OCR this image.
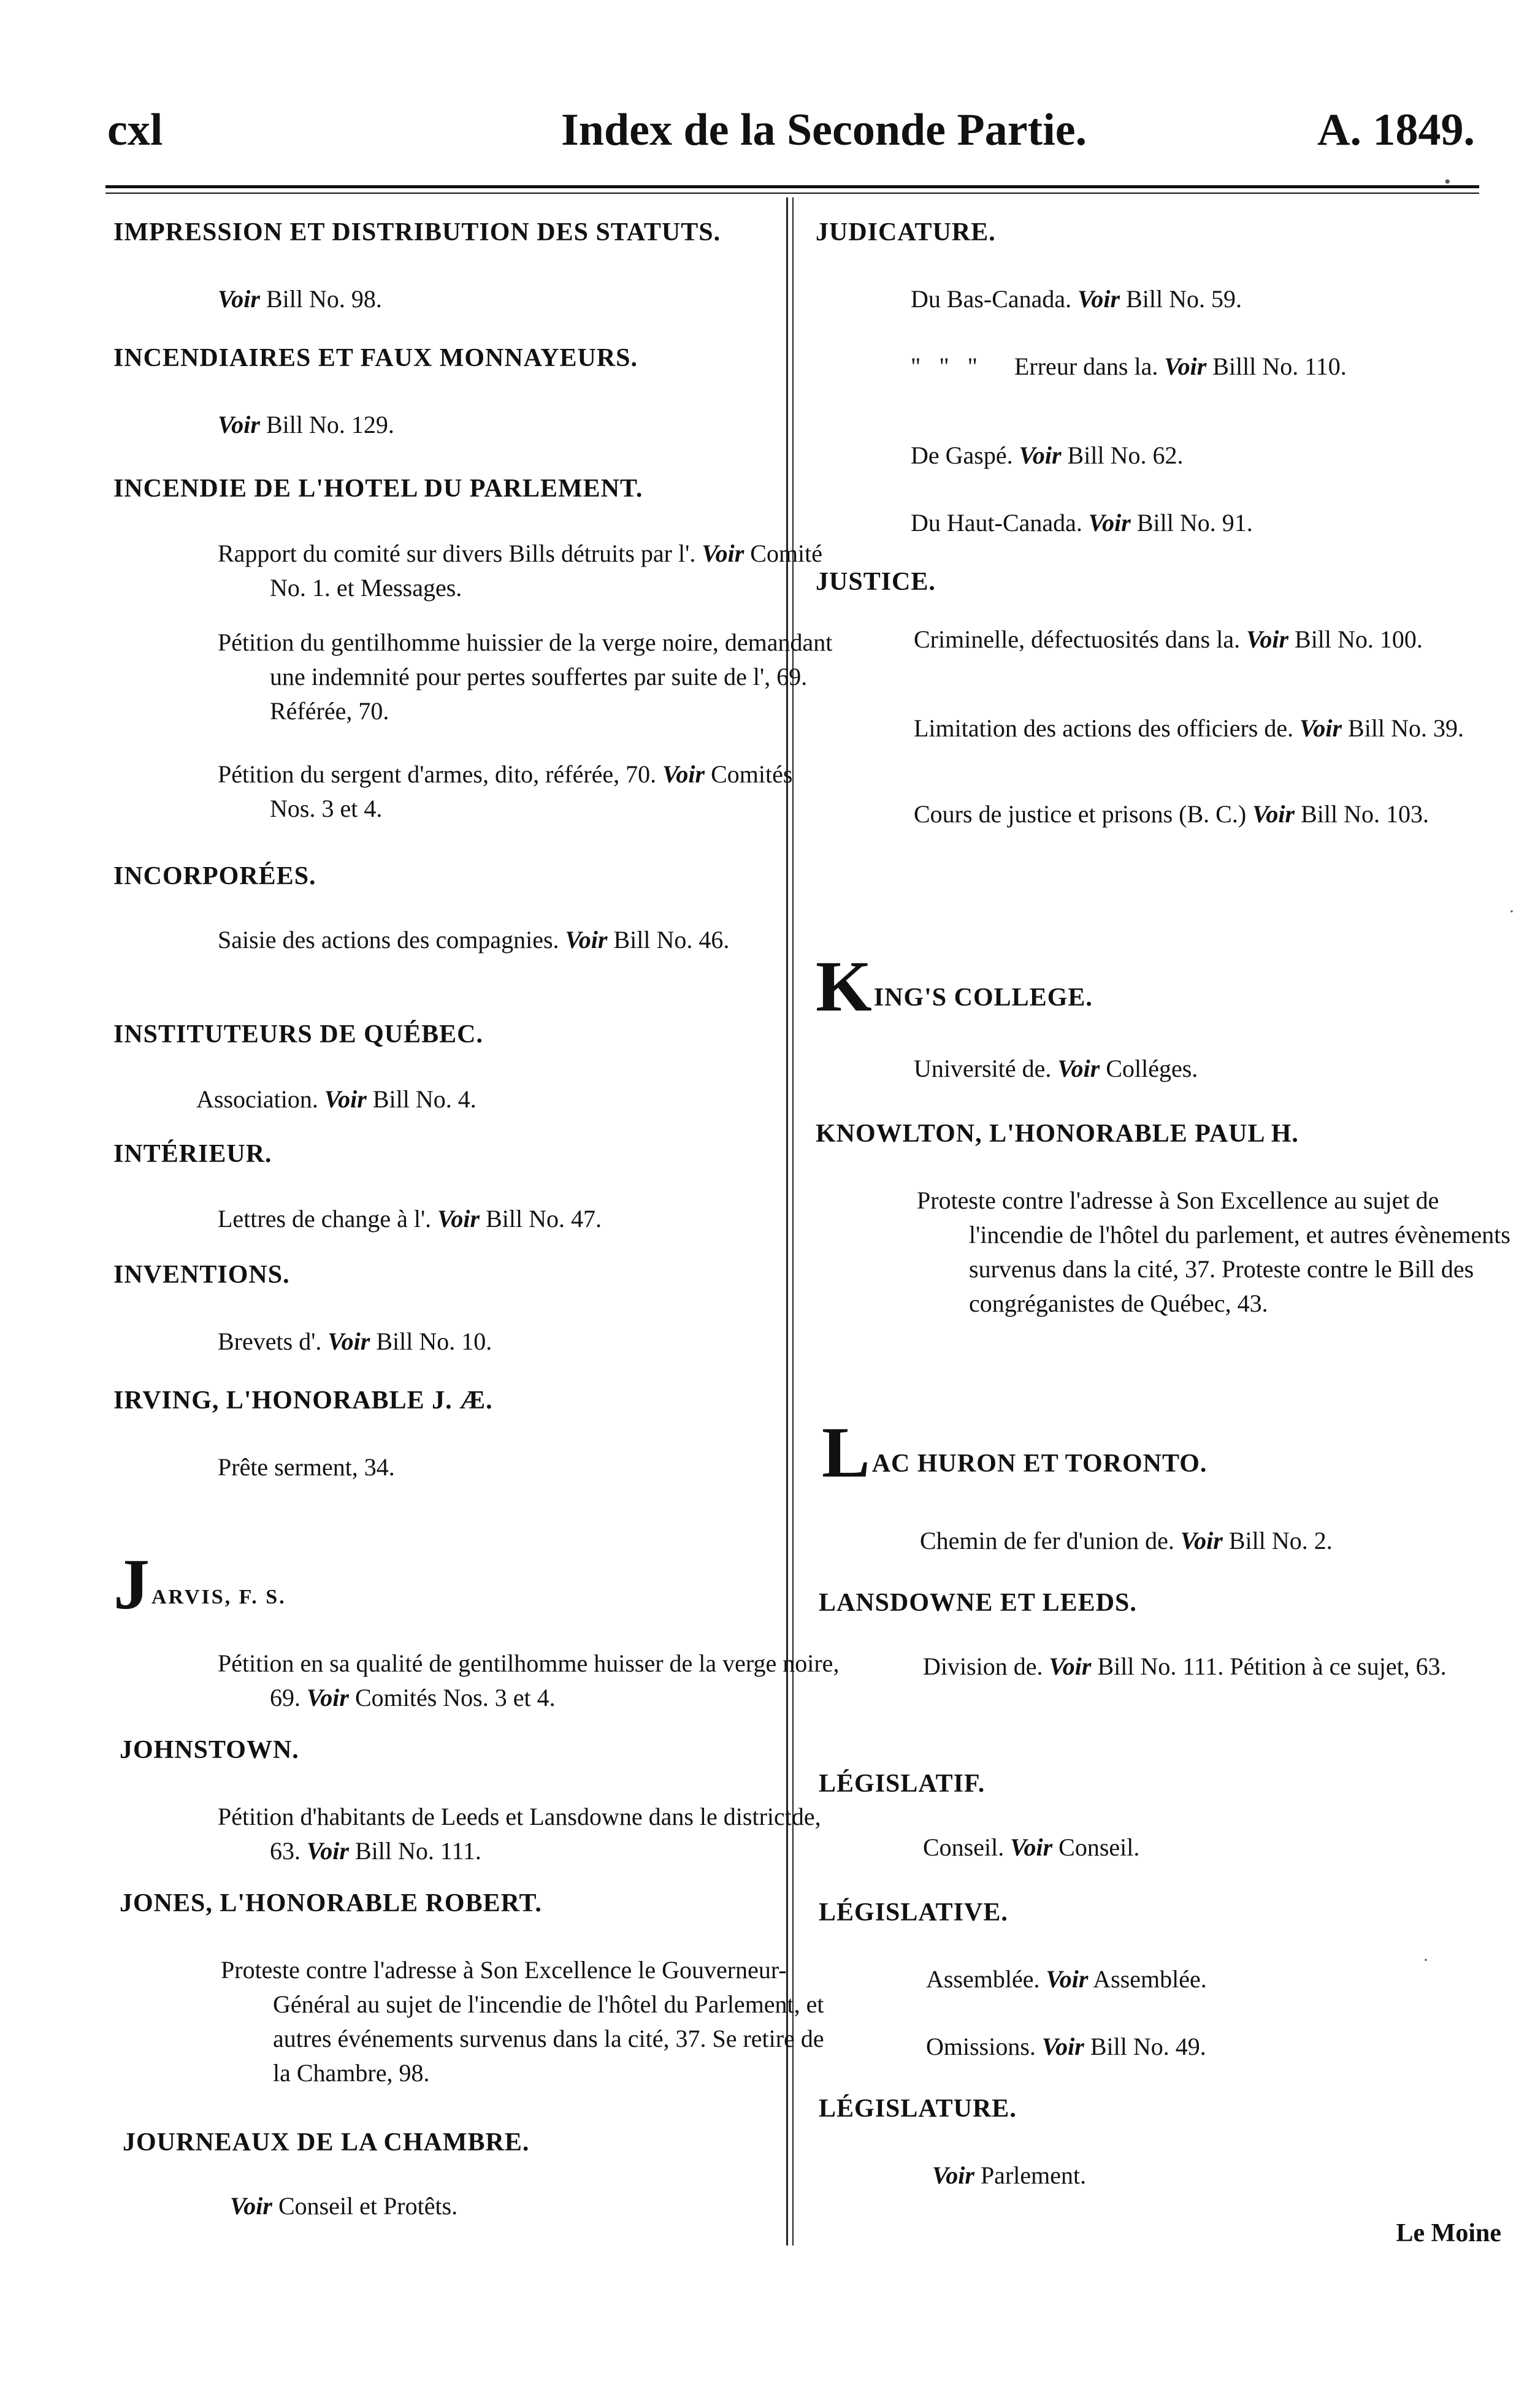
cxl	Index de la Seconde Partie.	A. 1849.
IMPRESSION ET DISTRIBUTION DES STATUTS.
Voir Bill No. 98.
INCENDIAIRES ET FAUX MONNAYEURS.
Voir Bill No. 129.
INCENDIE DE L'HOTEL DU PARLEMENT.
Rapport du comité sur divers Bills détruits par l'. Voir Comité No. 1. et Messages.
Pétition du gentilhomme huissier de la verge noire, demandant une indemnité pour pertes souffertes par suite de l', 69. Référée, 70.
Pétition du sergent d'armes, dito, référée, 70. Voir Comités Nos. 3 et 4.
INCORPORÉES.
Saisie des actions des compagnies. Voir Bill No. 46.
INSTITUTEURS DE QUÉBEC.
Association. Voir Bill No. 4.
INTÉRIEUR.
Lettres de change à l'. Voir Bill No. 47.
INVENTIONS.
Brevets d'. Voir Bill No. 10.
IRVING, L'HONORABLE J. Æ.
Prête serment, 34.
JARVIS, F. S.
Pétition en sa qualité de gentilhomme huisser de la verge noire, 69. Voir Comités Nos. 3 et 4.
JOHNSTOWN.
Pétition d'habitants de Leeds et Lansdowne dans le districtde, 63. Voir Bill No. 111.
JONES, L'HONORABLE ROBERT.
Proteste contre l'adresse à Son Excellence le Gouverneur-Général au sujet de l'incendie de l'hôtel du Parlement, et autres événements survenus dans la cité, 37. Se retire de la Chambre, 98.
JOURNEAUX DE LA CHAMBRE.
Voir Conseil et Protêts.
JUDICATURE.
Du Bas-Canada. Voir Bill No. 59.
"   "   "      Erreur dans la. Voir Billl No. 110.
De Gaspé. Voir Bill No. 62.
Du Haut-Canada. Voir Bill No. 91.
JUSTICE.
Criminelle, défectuosités dans la. Voir Bill No. 100.
Limitation des actions des officiers de. Voir Bill No. 39.
Cours de justice et prisons (B. C.) Voir Bill No. 103.
KING'S COLLEGE.
Université de. Voir Colléges.
KNOWLTON, L'HONORABLE PAUL H.
Proteste contre l'adresse à Son Excellence au sujet de l'incendie de l'hôtel du parlement, et autres évènements survenus dans la cité, 37. Proteste contre le Bill des congréganistes de Québec, 43.
LAC HURON ET TORONTO.
Chemin de fer d'union de. Voir Bill No. 2.
LANSDOWNE ET LEEDS.
Division de. Voir Bill No. 111. Pétition à ce sujet, 63.
LÉGISLATIF.
Conseil. Voir Conseil.
LÉGISLATIVE.
Assemblée. Voir Assemblée.
Omissions. Voir Bill No. 49.
LÉGISLATURE.
Voir Parlement.
Le Moine
•
·
·
